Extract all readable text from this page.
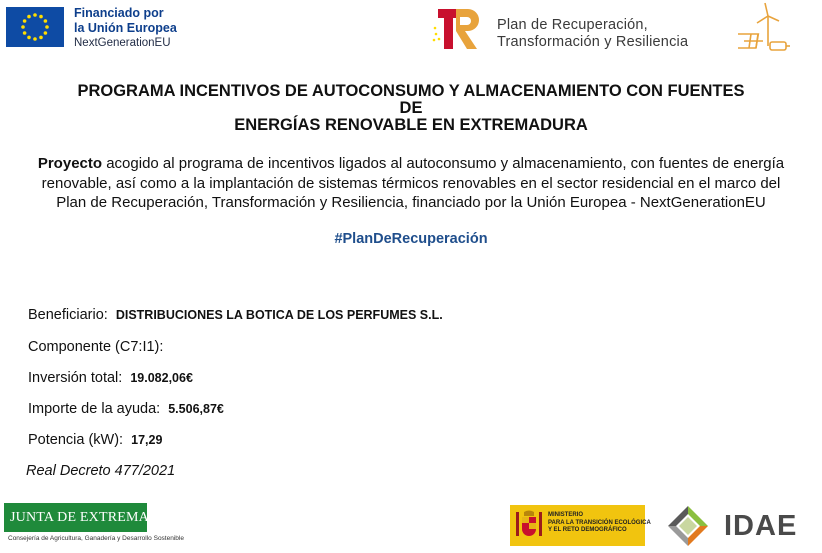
Financiado por
la Unión Europea
NextGenerationEU
Plan de Recuperación,
Transformación y Resiliencia
PROGRAMA INCENTIVOS DE AUTOCONSUMO Y ALMACENAMIENTO CON FUENTES
DE
ENERGÍAS RENOVABLE EN EXTREMADURA
Proyecto acogido al programa de incentivos ligados al autoconsumo y almacenamiento, con fuentes de energía
renovable, así como a la implantación de sistemas térmicos renovables en el sector residencial en el marco del
Plan de Recuperación, Transformación y Resiliencia, financiado por la Unión Europea - NextGenerationEU
#PlanDeRecuperación
Beneficiario: DISTRIBUCIONES LA BOTICA DE LOS PERFUMES S.L.
Componente (C7:I1):
Inversión total: 19.082,06€
Importe de la ayuda: 5.506,87€
Potencia (kW): 17,29
Real Decreto 477/2021
JUNTA DE EXTREMADURA
Consejería de Agricultura, Ganadería y Desarrollo Sostenible
MINISTERIO
PARA LA TRANSICIÓN ECOLÓGICA
Y EL RETO DEMOGRÁFICO	IDAE
